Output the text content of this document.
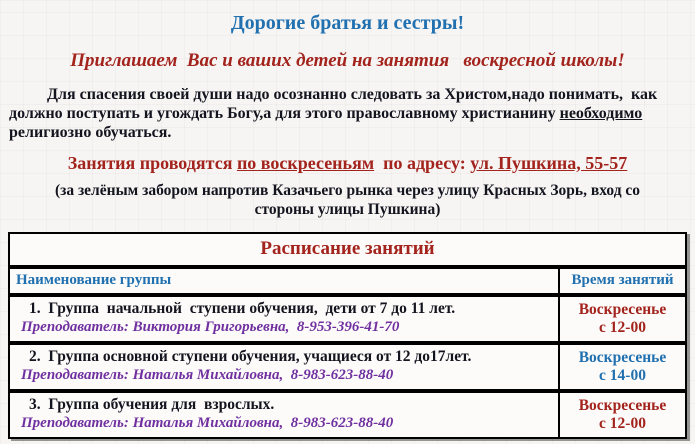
Дорогие братья и сестры!
Приглашаем  Вас и ваших детей на занятия   воскресной школы!

Для спасения своей души надо осознанно следовать за Христом,надо понимать,  как должно поступать и угождать Богу,а для этого православному христианину необходимо религиозно обучаться.

Занятия проводятся по воскресеньям  по адресу: ул. Пушкина, 55-57
(за зелёным забором напротив Казачьего рынка через улицу Красных Зорь, вход со стороны улицы Пушкина)
Расписание занятий
Наименование группы	Время занятий
1.  Группа  начальной  ступени обучения,  дети от 7 до 11 лет.
Преподаватель: Виктория Григорьевна,  8-953-396-41-70
Воскресенье
с 12-00
2.  Группа основной ступени обучения, учащиеся от 12 до17лет.
Преподаватель: Наталья Михайловна,  8-983-623-88-40
Воскресенье
с 14-00
3.  Группа обучения для  взрослых.
Преподаватель: Наталья Михайловна,  8-983-623-88-40
Воскресенье
с 12-00
